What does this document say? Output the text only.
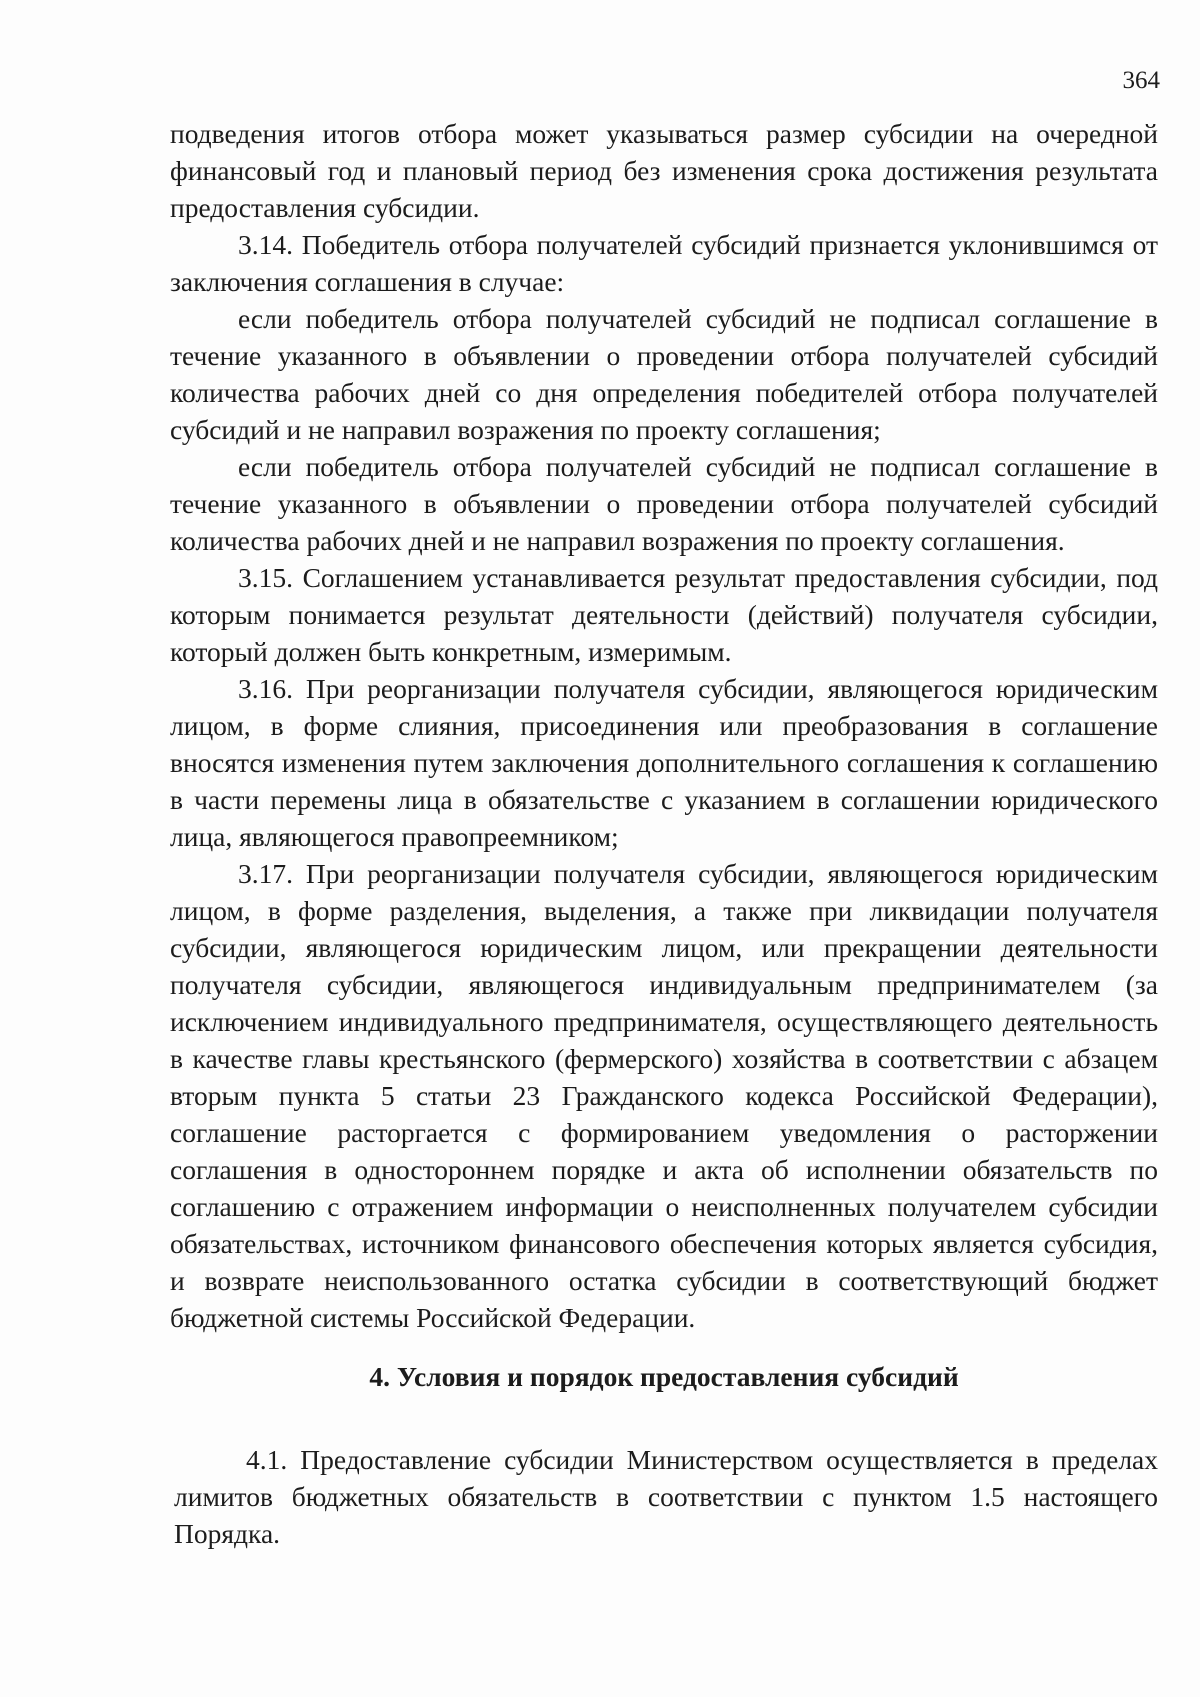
364

подведения итогов отбора может указываться размер субсидии на очередной финансовый год и плановый период без изменения срока достижения результата предоставления субсидии.

3.14. Победитель отбора получателей субсидий признается уклонившимся от заключения соглашения в случае:

если победитель отбора получателей субсидий не подписал соглашение в течение указанного в объявлении о проведении отбора получателей субсидий количества рабочих дней со дня определения победителей отбора получателей субсидий и не направил возражения по проекту соглашения;

если победитель отбора получателей субсидий не подписал соглашение в течение указанного в объявлении о проведении отбора получателей субсидий количества рабочих дней и не направил возражения по проекту соглашения.

3.15. Соглашением устанавливается результат предоставления субсидии, под которым понимается результат деятельности (действий) получателя субсидии, который должен быть конкретным, измеримым.

3.16. При реорганизации получателя субсидии, являющегося юридическим лицом, в форме слияния, присоединения или преобразования в соглашение вносятся изменения путем заключения дополнительного соглашения к соглашению в части перемены лица в обязательстве с указанием в соглашении юридического лица, являющегося правопреемником;

3.17. При реорганизации получателя субсидии, являющегося юридическим лицом, в форме разделения, выделения, а также при ликвидации получателя субсидии, являющегося юридическим лицом, или прекращении деятельности получателя субсидии, являющегося индивидуальным предпринимателем (за исключением индивидуального предпринимателя, осуществляющего деятельность в качестве главы крестьянского (фермерского) хозяйства в соответствии с абзацем вторым пункта 5 статьи 23 Гражданского кодекса Российской Федерации), соглашение расторгается с формированием уведомления о расторжении соглашения в одностороннем порядке и акта об исполнении обязательств по соглашению с отражением информации о неисполненных получателем субсидии обязательствах, источником финансового обеспечения которых является субсидия, и возврате неиспользованного остатка субсидии в соответствующий бюджет бюджетной системы Российской Федерации.

4. Условия и порядок предоставления субсидий

4.1. Предоставление субсидии Министерством осуществляется в пределах лимитов бюджетных обязательств в соответствии с пунктом 1.5 настоящего Порядка.
